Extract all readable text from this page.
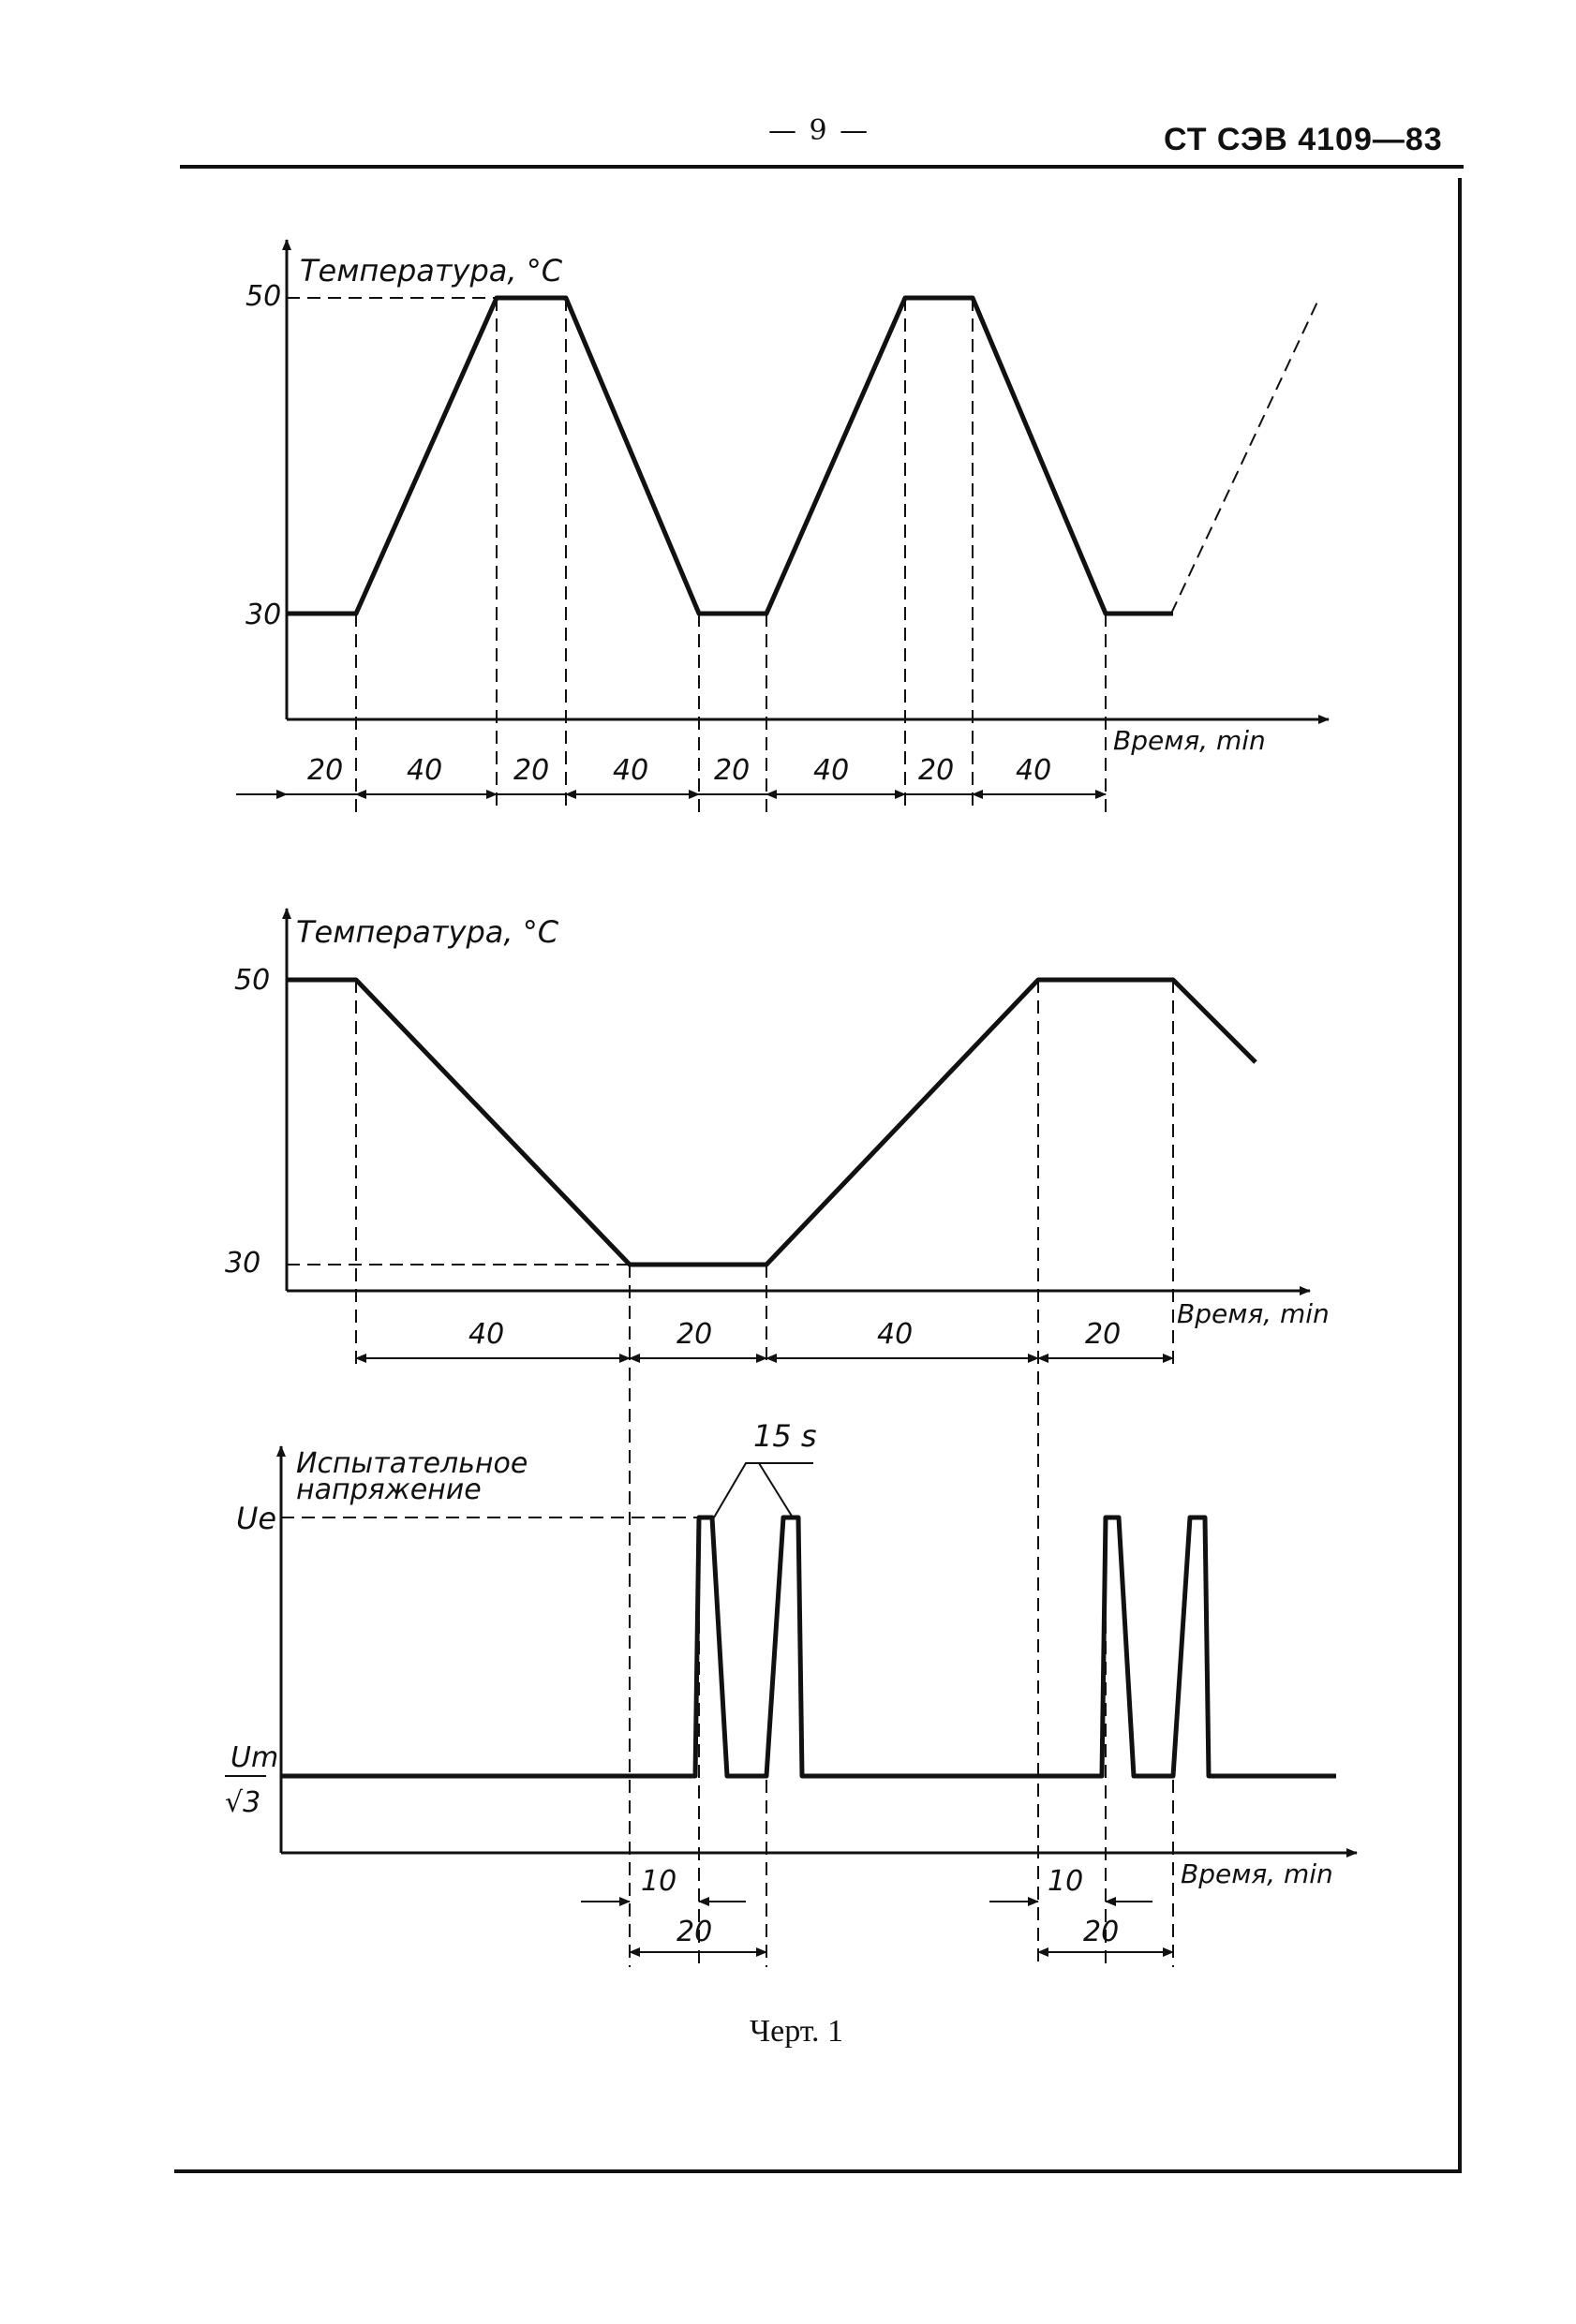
— 9 —	СТ СЭВ 4109—83
Температура, °С
Время, min
50
30
20 40	20 40 20 40 20 40
Температура, °С
Время, min
50
30
40	20	40	20
Испытательное
напряжение
Время, min
Uе
Um
√3
15 s
10
20
10
20
Черт. 1
